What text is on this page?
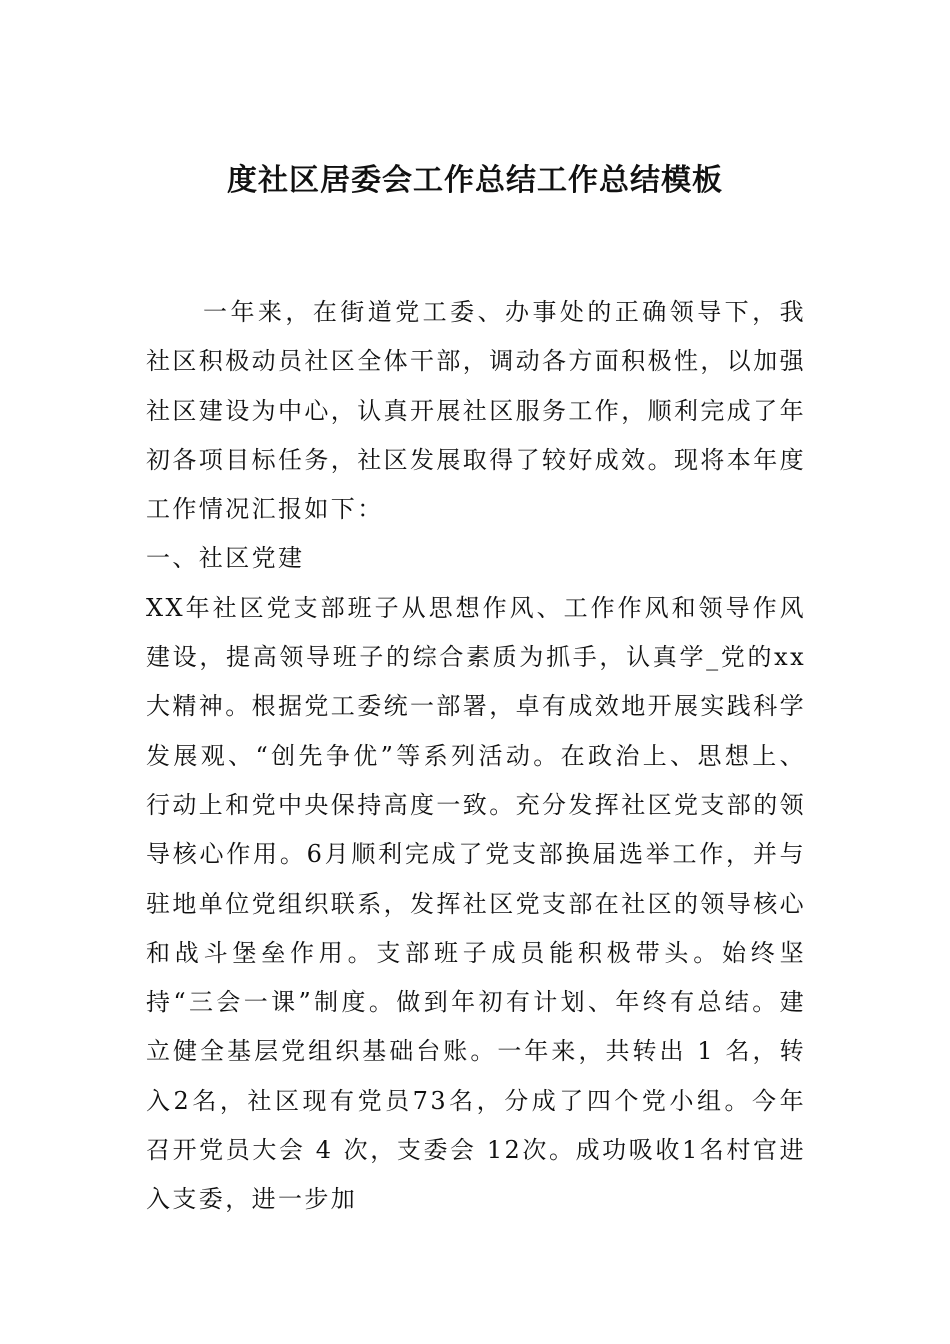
度社区居委会工作总结工作总结模板

一年来，在街道党工委、办事处的正确领导下，我社区积极动员社区全体干部，调动各方面积极性，以加强社区建设为中心，认真开展社区服务工作，顺利完成了年初各项目标任务，社区发展取得了较好成效。现将本年度工作情况汇报如下：

一、社区党建

XX年社区党支部班子从思想作风、工作作风和领导作风建设，提高领导班子的综合素质为抓手，认真学_党的xx大精神。根据党工委统一部署，卓有成效地开展实践科学发展观、“创先争优”等系列活动。在政治上、思想上、行动上和党中央保持高度一致。充分发挥社区党支部的领导核心作用。6月顺利完成了党支部换届选举工作，并与驻地单位党组织联系，发挥社区党支部在社区的领导核心和战斗堡垒作用。支部班子成员能积极带头。始终坚持“三会一课”制度。做到年初有计划、年终有总结。建立健全基层党组织基础台账。一年来，共转出 1 名，转入2名，社区现有党员73名，分成了四个党小组。今年召开党员大会 4 次，支委会 12次。成功吸收1名村官进入支委，进一步加
